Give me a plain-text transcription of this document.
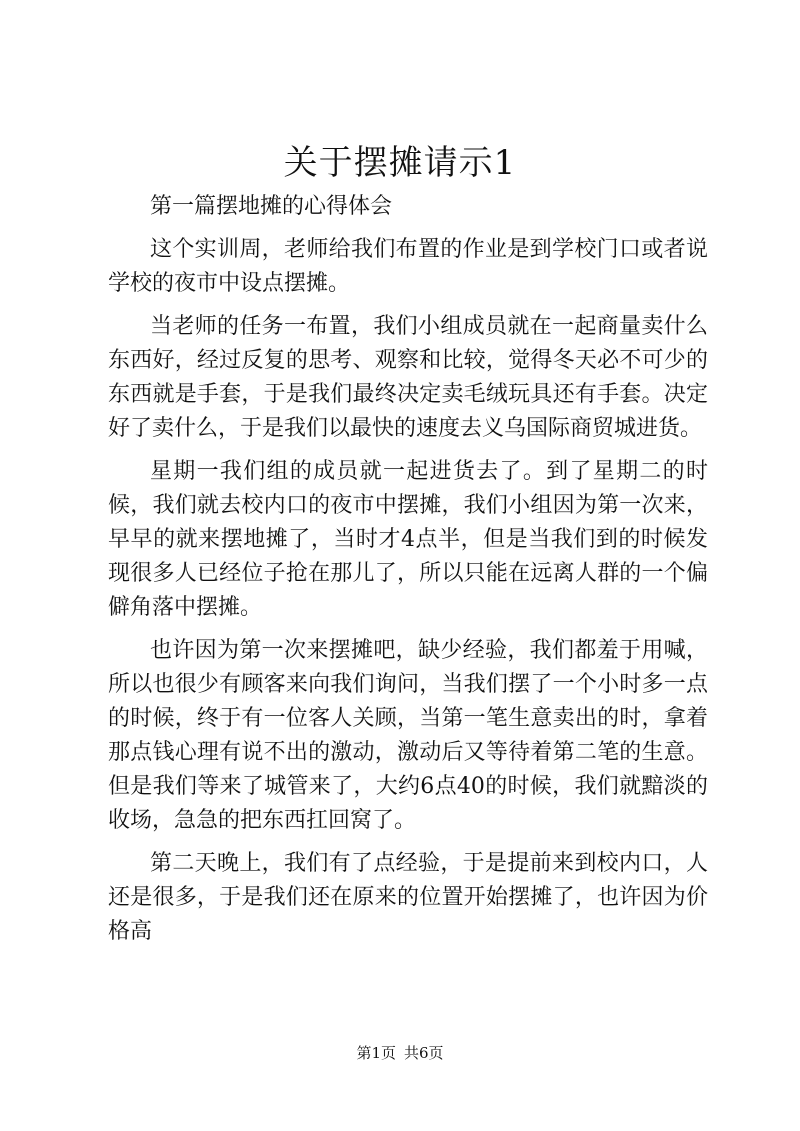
关于摆摊请示1

第一篇摆地摊的心得体会

这个实训周，老师给我们布置的作业是到学校门口或者说学校的夜市中设点摆摊。

当老师的任务一布置，我们小组成员就在一起商量卖什么东西好，经过反复的思考、观察和比较，觉得冬天必不可少的东西就是手套，于是我们最终决定卖毛绒玩具还有手套。决定好了卖什么，于是我们以最快的速度去义乌国际商贸城进货。

星期一我们组的成员就一起进货去了。到了星期二的时候，我们就去校内口的夜市中摆摊，我们小组因为第一次来，早早的就来摆地摊了，当时才4点半，但是当我们到的时候发现很多人已经位子抢在那儿了，所以只能在远离人群的一个偏僻角落中摆摊。

也许因为第一次来摆摊吧，缺少经验，我们都羞于用喊，所以也很少有顾客来向我们询问，当我们摆了一个小时多一点的时候，终于有一位客人关顾，当第一笔生意卖出的时，拿着那点钱心理有说不出的激动，激动后又等待着第二笔的生意。但是我们等来了城管来了，大约6点40的时候，我们就黯淡的收场，急急的把东西扛回窝了。

第二天晚上，我们有了点经验，于是提前来到校内口，人还是很多，于是我们还在原来的位置开始摆摊了，也许因为价格高

第1页 共6页
